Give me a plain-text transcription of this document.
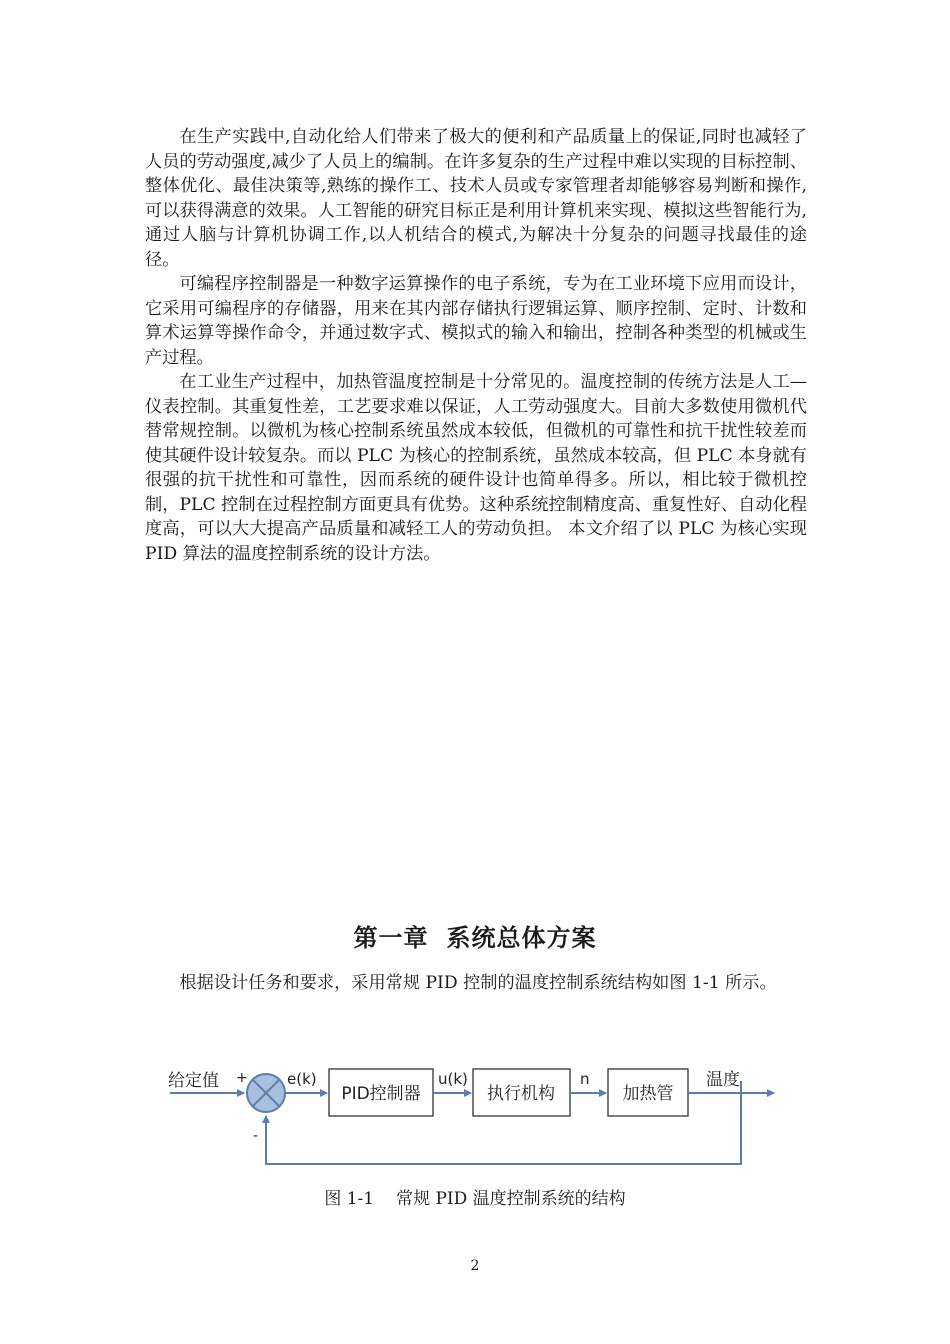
在生产实践中,自动化给人们带来了极大的便利和产品质量上的保证,同时也减轻了人员的劳动强度,减少了人员上的编制。在许多复杂的生产过程中难以实现的目标控制、整体优化、最佳决策等,熟练的操作工、技术人员或专家管理者却能够容易判断和操作,可以获得满意的效果。人工智能的研究目标正是利用计算机来实现、模拟这些智能行为,通过人脑与计算机协调工作,以人机结合的模式,为解决十分复杂的问题寻找最佳的途径。

可编程序控制器是一种数字运算操作的电子系统，专为在工业环境下应用而设计，它采用可编程序的存储器，用来在其内部存储执行逻辑运算、顺序控制、定时、计数和算术运算等操作命令，并通过数字式、模拟式的输入和输出，控制各种类型的机械或生产过程。

在工业生产过程中，加热管温度控制是十分常见的。温度控制的传统方法是人工—仪表控制。其重复性差，工艺要求难以保证，人工劳动强度大。目前大多数使用微机代替常规控制。以微机为核心控制系统虽然成本较低，但微机的可靠性和抗干扰性较差而使其硬件设计较复杂。而以 PLC 为核心的控制系统，虽然成本较高，但 PLC 本身就有很强的抗干扰性和可靠性，因而系统的硬件设计也简单得多。所以，相比较于微机控制，PLC 控制在过程控制方面更具有优势。这种系统控制精度高、重复性好、自动化程度高，可以大大提高产品质量和减轻工人的劳动负担。 本文介绍了以 PLC 为核心实现 PID 算法的温度控制系统的设计方法。

第一章 系统总体方案

根据设计任务和要求，采用常规 PID 控制的温度控制系统结构如图 1-1 所示。

给定值 +
-
e(k)
PID控制器
u(k)
执行机构
n
加热管
温度

图 1-1 常规 PID 温度控制系统的结构

2
